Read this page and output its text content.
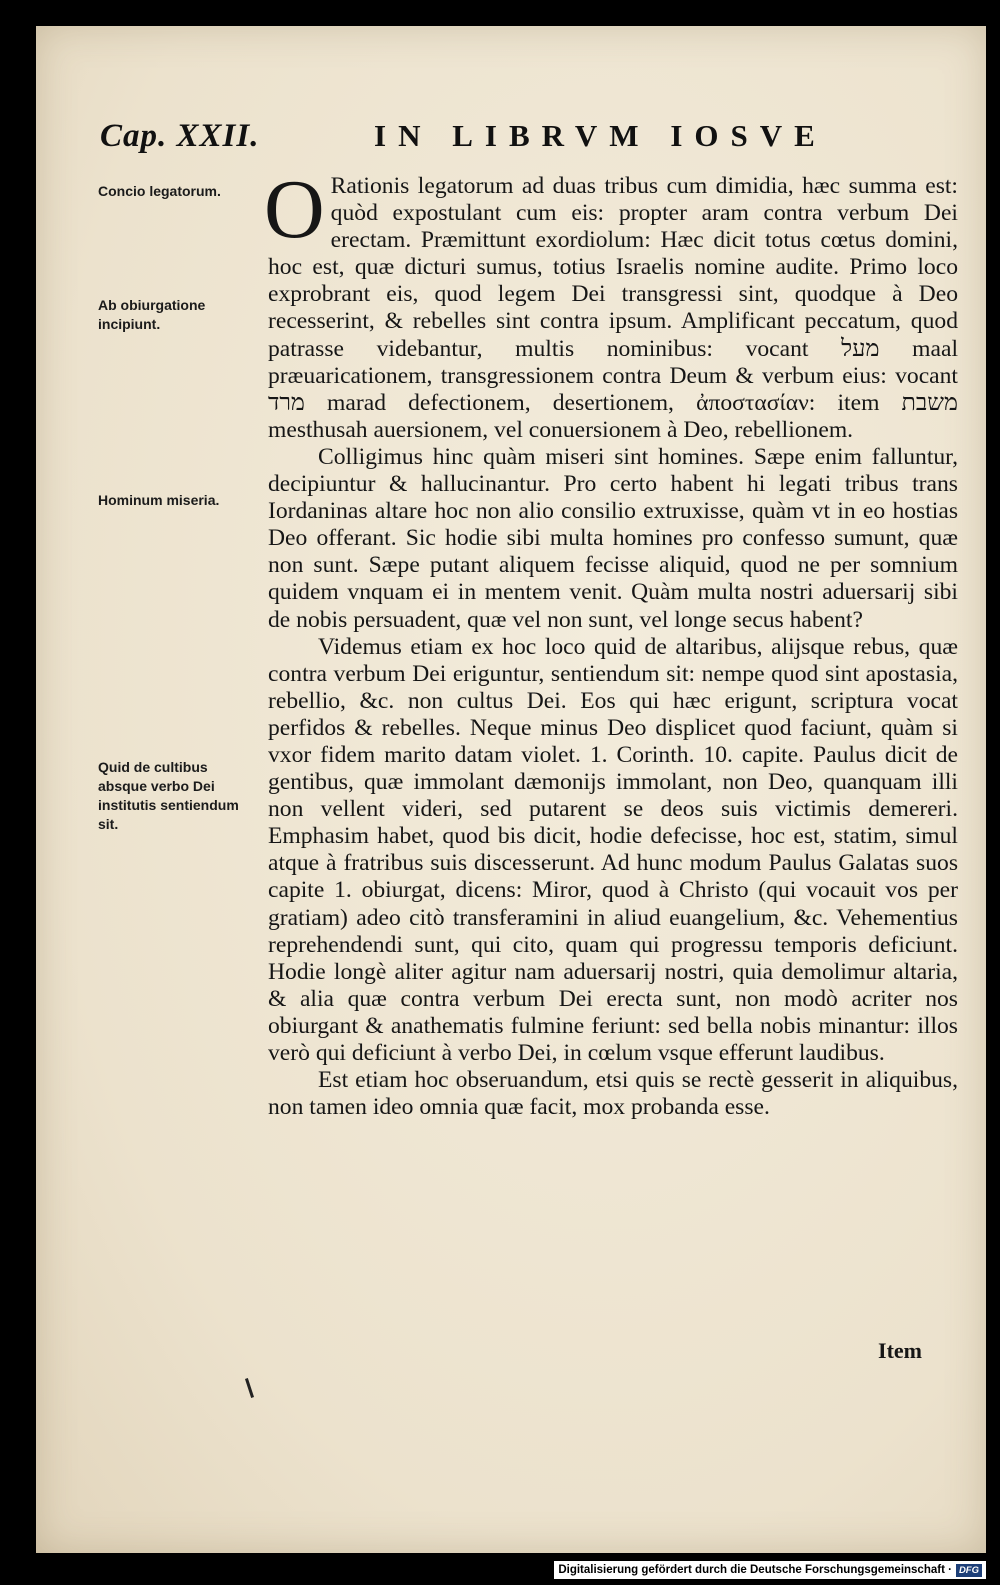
Cap. XXII.	IN LIBRVM IOSVE
Concio legatorum.
Ab obiurgatione incipiunt.
Hominum miseria.
Quid de cultibus absque verbo Dei institutis sentiendum sit.

O Rationis legatorum ad duas tribus cum dimidia, hæc summa est: quòd expostulant cum eis: propter aram contra verbum Dei erectam. Præmittunt exordiolum: Hæc dicit totus cœtus domini, hoc est, quæ dicturi sumus, totius Israelis nomine audite. Primo loco exprobrant eis, quod legem Dei transgressi sint, quodque à Deo recesserint, & rebelles sint contra ipsum. Amplificant peccatum, quod patrasse videbantur, multis nominibus: vocant מעל maal præuaricationem, transgressionem contra Deum & verbum eius: vocant מרד marad defectionem, desertionem, ἀποστασίαν: item משבת mesthusah auersionem, vel conuersionem à Deo, rebellionem.

Colligimus hinc quàm miseri sint homines. Sæpe enim falluntur, decipiuntur & hallucinantur. Pro certo habent hi legati tribus trans Iordaninas altare hoc non alio consilio extruxisse, quàm vt in eo hostias Deo offerant. Sic hodie sibi multa homines pro confesso sumunt, quæ non sunt. Sæpe putant aliquem fecisse aliquid, quod ne per somnium quidem vnquam ei in mentem venit. Quàm multa nostri aduersarij sibi de nobis persuadent, quæ vel non sunt, vel longe secus habent?

Videmus etiam ex hoc loco quid de altaribus, alijsque rebus, quæ contra verbum Dei eriguntur, sentiendum sit: nempe quod sint apostasia, rebellio, &c. non cultus Dei. Eos qui hæc erigunt, scriptura vocat perfidos & rebelles. Neque minus Deo displicet quod faciunt, quàm si vxor fidem marito datam violet. 1. Corinth. 10. capite. Paulus dicit de gentibus, quæ immolant dæmonijs immolant, non Deo, quanquam illi non vellent videri, sed putarent se deos suis victimis demereri. Emphasim habet, quod bis dicit, hodie defecisse, hoc est, statim, simul atque à fratribus suis discesserunt. Ad hunc modum Paulus Galatas suos capite 1. obiurgat, dicens: Miror, quod à Christo (qui vocauit vos per gratiam) adeo citò transferamini in aliud euangelium, &c. Vehementius reprehendendi sunt, qui cito, quam qui progressu temporis deficiunt. Hodie longè aliter agitur nam aduersarij nostri, quia demolimur altaria, & alia quæ contra verbum Dei erecta sunt, non modò acriter nos obiurgant & anathematis fulmine feriunt: sed bella nobis minantur: illos verò qui deficiunt à verbo Dei, in cœlum vsque efferunt laudibus.

Est etiam hoc obseruandum, etsi quis se rectè gesserit in aliquibus, non tamen ideo omnia quæ facit, mox probanda esse.

Item
Digitalisierung gefördert durch die Deutsche Forschungsgemeinschaft · DFG
